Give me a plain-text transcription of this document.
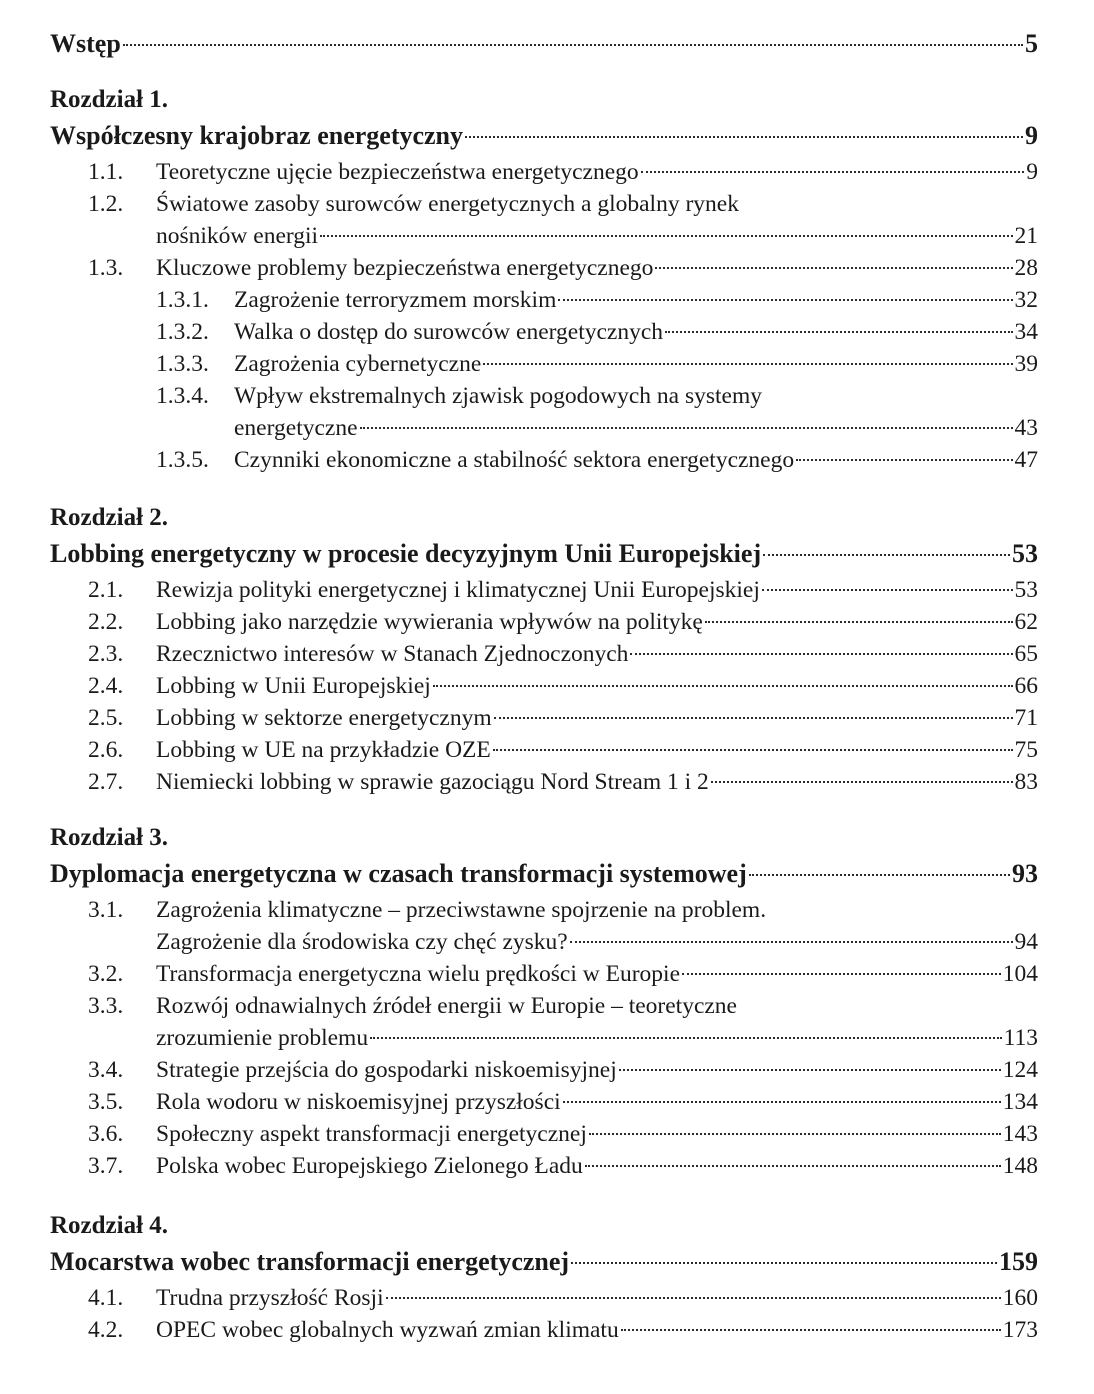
Wstęp	5
Rozdział 1.
Współczesny krajobraz energetyczny	9
1.1.	Teoretyczne ujęcie bezpieczeństwa energetycznego	9
1.2.	Światowe zasoby surowców energetycznych a globalny rynek
nośników energii	21
1.3.	Kluczowe problemy bezpieczeństwa energetycznego	28
1.3.1.	Zagrożenie terroryzmem morskim	32
1.3.2.	Walka o dostęp do surowców energetycznych	34
1.3.3.	Zagrożenia cybernetyczne	39
1.3.4.	Wpływ ekstremalnych zjawisk pogodowych na systemy
energetyczne	43
1.3.5.	Czynniki ekonomiczne a stabilność sektora energetycznego	47
Rozdział 2.
Lobbing energetyczny w procesie decyzyjnym Unii Europejskiej	53
2.1.	Rewizja polityki energetycznej i klimatycznej Unii Europejskiej	53
2.2.	Lobbing jako narzędzie wywierania wpływów na politykę	62
2.3.	Rzecznictwo interesów w Stanach Zjednoczonych	65
2.4.	Lobbing w Unii Europejskiej	66
2.5.	Lobbing w sektorze energetycznym	71
2.6.	Lobbing w UE na przykładzie OZE	75
2.7.	Niemiecki lobbing w sprawie gazociągu Nord Stream 1 i 2	83
Rozdział 3.
Dyplomacja energetyczna w czasach transformacji systemowej	93
3.1.	Zagrożenia klimatyczne – przeciwstawne spojrzenie na problem.
Zagrożenie dla środowiska czy chęć zysku?	94
3.2.	Transformacja energetyczna wielu prędkości w Europie	104
3.3.	Rozwój odnawialnych źródeł energii w Europie – teoretyczne
zrozumienie problemu	113
3.4.	Strategie przejścia do gospodarki niskoemisyjnej	124
3.5.	Rola wodoru w niskoemisyjnej przyszłości	134
3.6.	Społeczny aspekt transformacji energetycznej	143
3.7.	Polska wobec Europejskiego Zielonego Ładu	148
Rozdział 4.
Mocarstwa wobec transformacji energetycznej	159
4.1.	Trudna przyszłość Rosji	160
4.2.	OPEC wobec globalnych wyzwań zmian klimatu	173
